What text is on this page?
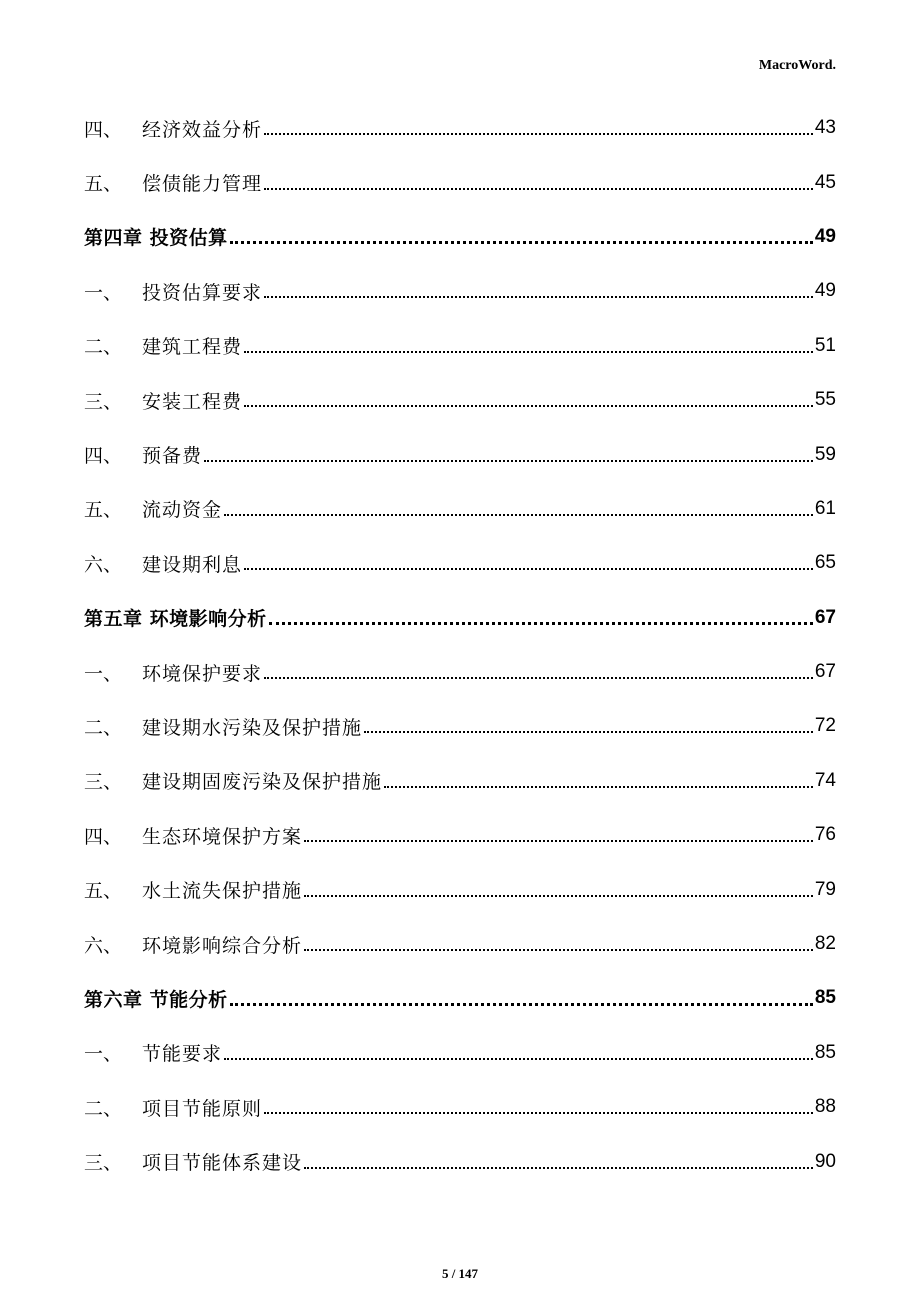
MacroWord.
四、	经济效益分析	43
五、	偿债能力管理	45
第四章 投资估算	49
一、	投资估算要求	49
二、	建筑工程费	51
三、	安装工程费	55
四、	预备费	59
五、	流动资金	61
六、	建设期利息	65
第五章 环境影响分析	67
一、	环境保护要求	67
二、	建设期水污染及保护措施	72
三、	建设期固废污染及保护措施	74
四、	生态环境保护方案	76
五、	水土流失保护措施	79
六、	环境影响综合分析	82
第六章 节能分析	85
一、	节能要求	85
二、	项目节能原则	88
三、	项目节能体系建设	90
5 / 147
